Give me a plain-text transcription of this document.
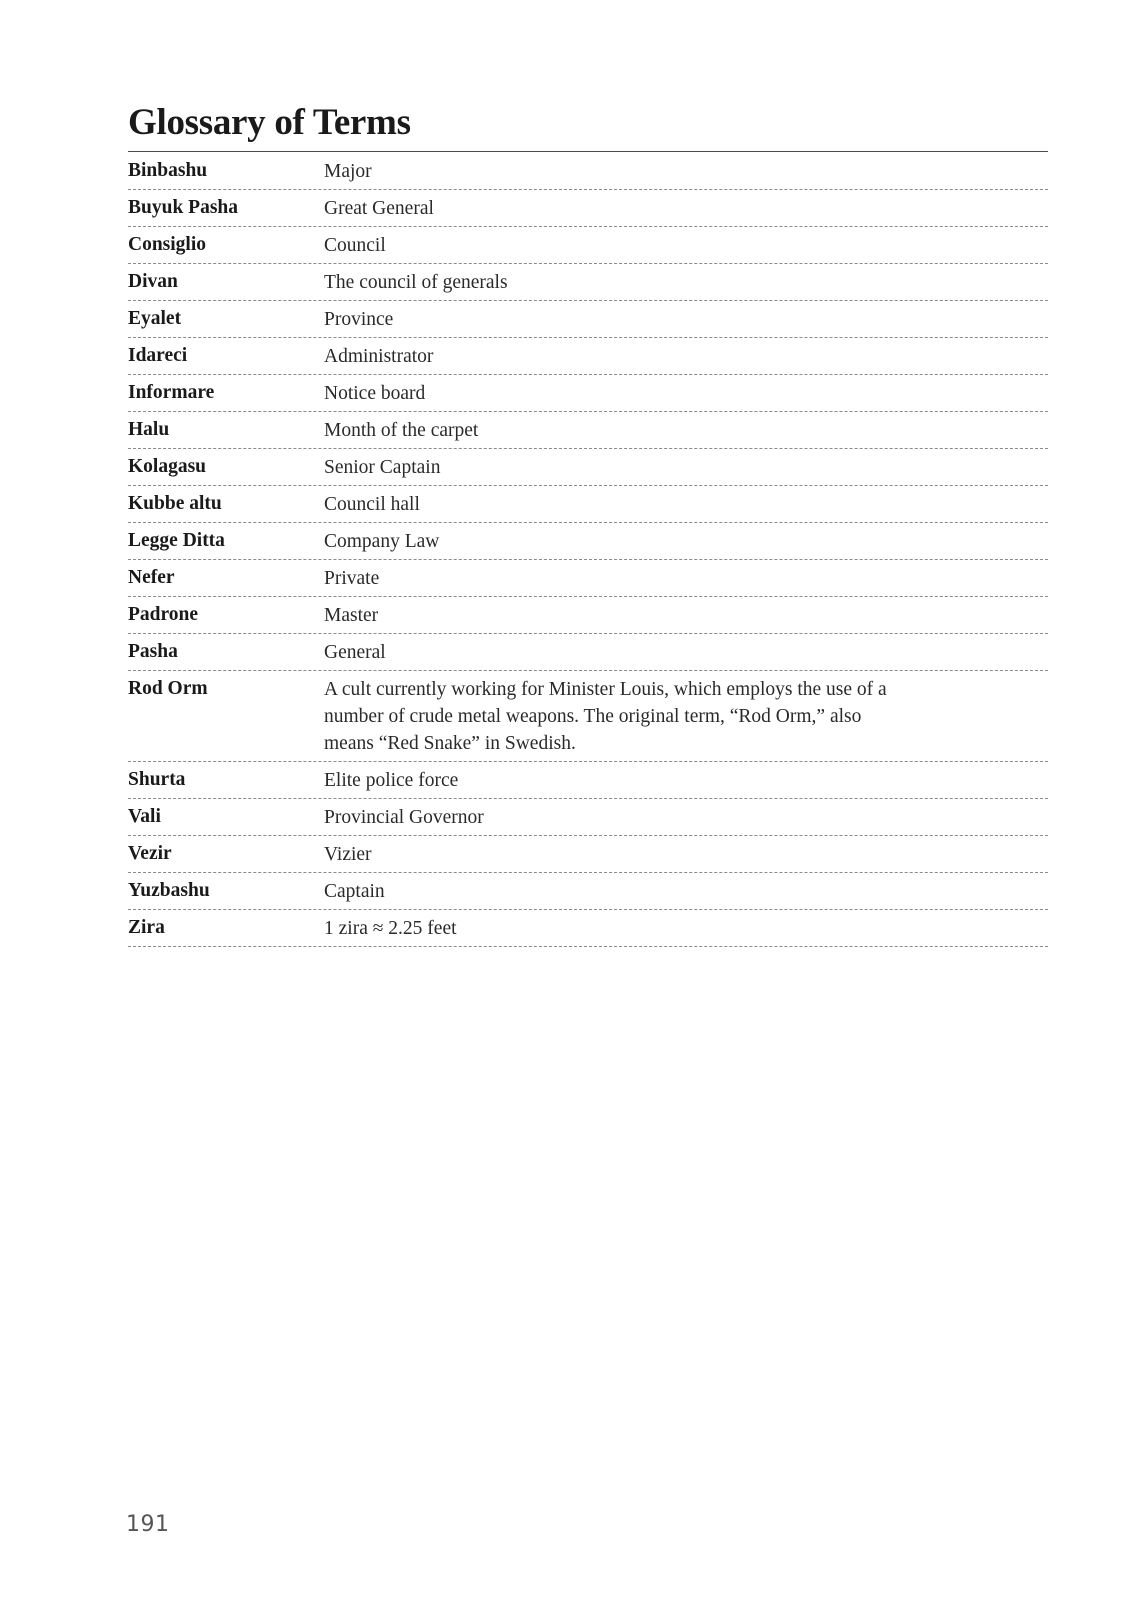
Glossary of Terms
Binbashu	Major
Buyuk Pasha	Great General
Consiglio	Council
Divan	The council of generals
Eyalet	Province
Idareci	Administrator
Informare	Notice board
Halu	Month of the carpet
Kolagasu	Senior Captain
Kubbe altu	Council hall
Legge Ditta	Company Law
Nefer	Private
Padrone	Master
Pasha	General
Rod Orm	A cult currently working for Minister Louis, which employs the use of a number of crude metal weapons. The original term, “Rod Orm,” also means “Red Snake” in Swedish.
Shurta	Elite police force
Vali	Provincial Governor
Vezir	Vizier
Yuzbashu	Captain
Zira	1 zira ≈ 2.25 feet
191
